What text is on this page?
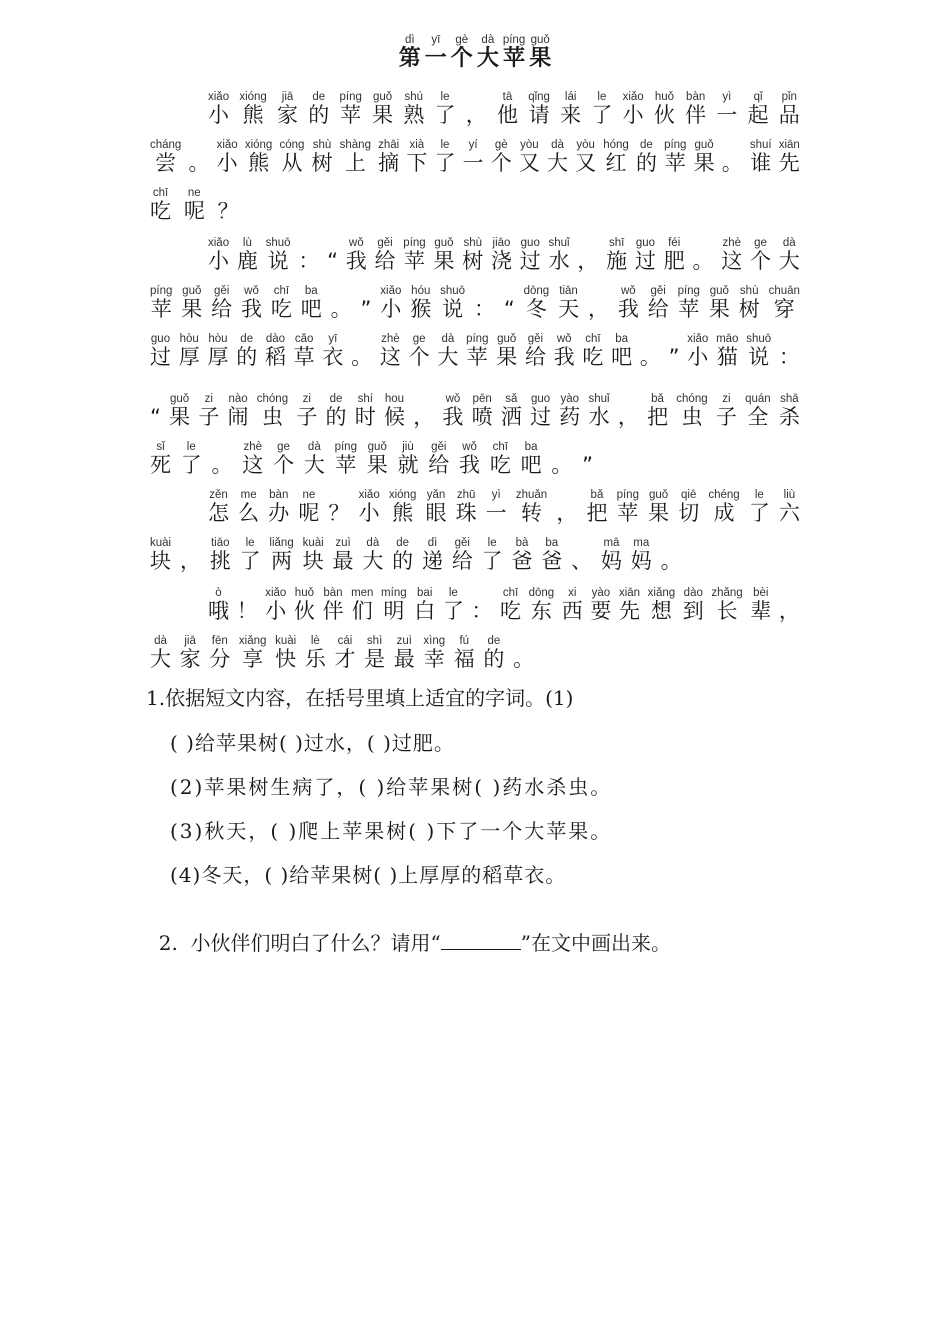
第dì一yī个gè大dà苹píng果guǒ
小xiǎo
熊xióng
家jiā
的de
苹píng
果guǒ
熟shú
了le
， 他tā
请qǐng
来lái
了le
小xiǎo
伙huǒ
伴bàn
一yì
起qǐ
品pǐn
尝cháng
。 小xiǎo
熊xióng
从cóng
树shù
上shàng
摘zhāi
下xià
了le
一yí
个gè
又yòu
大dà
又yòu
红hóng
的de
苹píng
果guǒ
。 谁shuí
先xiān
吃chī
呢ne
？
小xiǎo
鹿lù
说shuō
： “ 我wǒ
给gěi
苹píng
果guǒ
树shù
浇jiāo
过guo
水shuǐ
， 施shī
过guo
肥féi
。 这zhè
个ge
大dà
苹píng
果guǒ
给gěi
我wǒ
吃chī
吧ba
。 ” 小xiǎo
猴hóu
说shuō
： “ 冬dōng
天tiān
， 我wǒ
给gěi
苹píng
果guǒ
树shù
穿chuān
过guo
厚hòu
厚hòu
的de
稻dào
草cǎo
衣yī
。 这zhè
个ge
大dà
苹píng
果guǒ
给gěi
我wǒ
吃chī
吧ba
。 ” 小xiǎo
猫māo
说shuō
：
“ 果guǒ
子zi
闹nào
虫chóng
子zi
的de
时shí
候hou
， 我wǒ
喷pēn
洒sǎ
过guo
药yào
水shuǐ
， 把bǎ
虫chóng
子zi
全quán
杀shā
死sǐ
了le
。 这zhè
个ge
大dà
苹píng
果guǒ
就jiù
给gěi
我wǒ
吃chī
吧ba
。 ”
怎zěn
么me
办bàn
呢ne
？ 小xiǎo
熊xióng
眼yǎn
珠zhū
一yì
转zhuǎn
， 把bǎ
苹píng
果guǒ
切qiē
成chéng
了le
六liù
块kuài
， 挑tiāo
了le
两liǎng
块kuài
最zuì
大dà
的de
递dì
给gěi
了le
爸bà
爸ba
、 妈mā
妈ma
。
哦ò
！ 小xiǎo
伙huǒ
伴bàn
们men
明míng
白bai
了le
： 吃chī
东dōng
西xi
要yào
先xiān
想xiǎng
到dào
长zhǎng
辈bèi
，
大dà
家jiā
分fēn
享xiǎng
快kuài
乐lè
才cái
是shì
最zuì
幸xìng
福fú
的de
。
1.依据短文内容，在括号里填上适宜的字词。(1)
( )给苹果树( )过水，( )过肥。
(2)苹果树生病了，( )给苹果树( )药水杀虫。
(3)秋天，( )爬上苹果树( )下了一个大苹果。
(4)冬天，( )给苹果树( )上厚厚的稻草衣。

2.  小伙伴们明白了什么？请用“	”在文中画出来。
